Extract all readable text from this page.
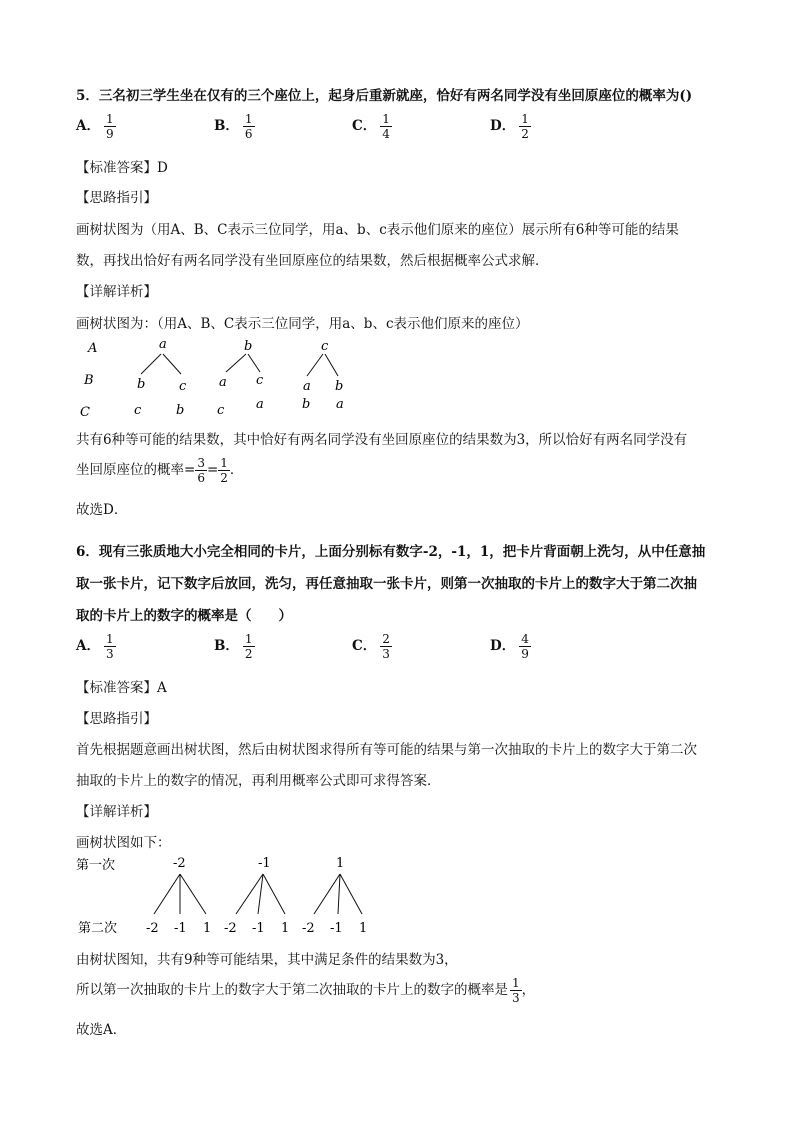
5．三名初三学生坐在仅有的三个座位上，起身后重新就座，恰好有两名同学没有坐回原座位的概率为()
A． $\frac{1}{9}$	B． $\frac{1}{6}$	C． $\frac{1}{4}$	D． $\frac{1}{2}$
【标准答案】D
【思路指引】
画树状图为（用A、B、C表示三位同学，用a、b、c表示他们原来的座位）展示所有6种等可能的结果
数，再找出恰好有两名同学没有坐回原座位的结果数，然后根据概率公式求解．
【详解详析】
画树状图为：（用A、B、C表示三位同学，用a、b、c表示他们原来的座位）
A
B
C
a
b	c
c	b
b
a c
c a
c
a b
b a
共有6种等可能的结果数，其中恰好有两名同学没有坐回原座位的结果数为3，所以恰好有两名同学没有
坐回原座位的概率= $\frac{3}{6} = \frac{1}{2}$ ．
故选D．
6．现有三张质地大小完全相同的卡片，上面分别标有数字-2，-1，1，把卡片背面朝上洗匀，从中任意抽
取一张卡片，记下数字后放回，洗匀，再任意抽取一张卡片，则第一次抽取的卡片上的数字大于第二次抽
取的卡片上的数字的概率是（　　）
A． $\frac{1}{3}$	B． $\frac{1}{2}$	C． $\frac{2}{3}$	D． $\frac{4}{9}$
【标准答案】A
【思路指引】
首先根据题意画出树状图，然后由树状图求得所有等可能的结果与第一次抽取的卡片上的数字大于第二次
抽取的卡片上的数字的情况，再利用概率公式即可求得答案．
【详解详析】
画树状图如下：
第一次
第二次
-2
-2 -1 1
-1
-2 -1 1
1
-2 -1 1
由树状图知，共有9种等可能结果，其中满足条件的结果数为3，
所以第一次抽取的卡片上的数字大于第二次抽取的卡片上的数字的概率是 $\frac{1}{3}$ ，
故选A．
